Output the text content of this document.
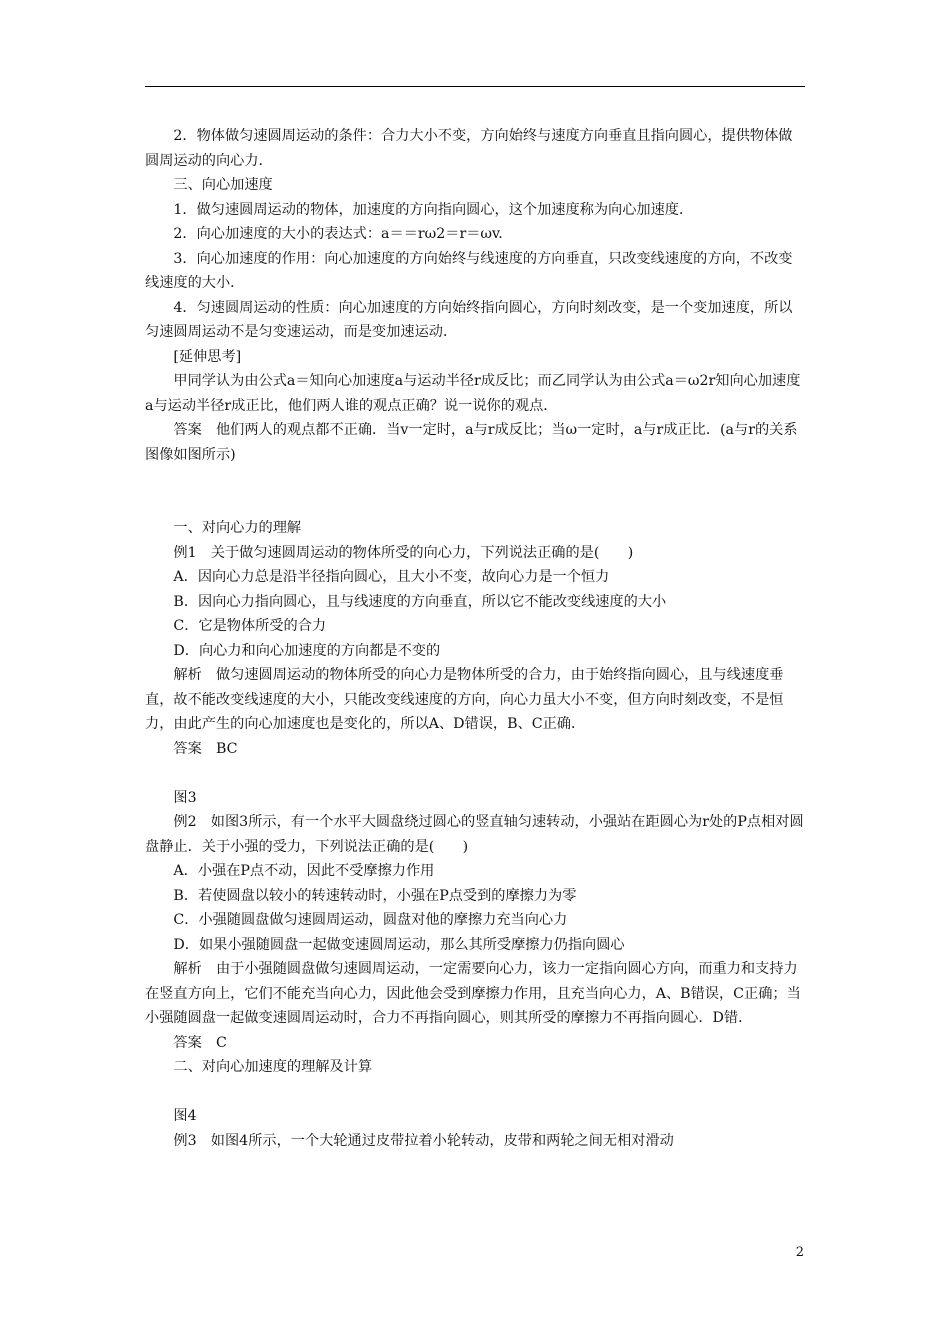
2．物体做匀速圆周运动的条件：合力大小不变，方向始终与速度方向垂直且指向圆心，提供物体做圆周运动的向心力．

三、向心加速度

1．做匀速圆周运动的物体，加速度的方向指向圆心，这个加速度称为向心加速度．

2．向心加速度的大小的表达式：a＝＝rω2＝r＝ωv.

3．向心加速度的作用：向心加速度的方向始终与线速度的方向垂直，只改变线速度的方向，不改变线速度的大小．

4．匀速圆周运动的性质：向心加速度的方向始终指向圆心，方向时刻改变，是一个变加速度，所以匀速圆周运动不是匀变速运动，而是变加速运动．

[延伸思考]

甲同学认为由公式a＝知向心加速度a与运动半径r成反比；而乙同学认为由公式a＝ω2r知向心加速度a与运动半径r成正比，他们两人谁的观点正确？说一说你的观点．

答案　他们两人的观点都不正确．当v一定时，a与r成反比；当ω一定时，a与r成正比．(a与r的关系图像如图所示)

一、对向心力的理解

例1　关于做匀速圆周运动的物体所受的向心力，下列说法正确的是(　　)

A．因向心力总是沿半径指向圆心，且大小不变，故向心力是一个恒力

B．因向心力指向圆心，且与线速度的方向垂直，所以它不能改变线速度的大小

C．它是物体所受的合力

D．向心力和向心加速度的方向都是不变的

解析　做匀速圆周运动的物体所受的向心力是物体所受的合力，由于始终指向圆心，且与线速度垂直，故不能改变线速度的大小，只能改变线速度的方向，向心力虽大小不变，但方向时刻改变，不是恒力，由此产生的向心加速度也是变化的，所以A、D错误，B、C正确．

答案　BC

图3

例2　如图3所示，有一个水平大圆盘绕过圆心的竖直轴匀速转动，小强站在距圆心为r处的P点相对圆盘静止．关于小强的受力，下列说法正确的是(　　)

A．小强在P点不动，因此不受摩擦力作用

B．若使圆盘以较小的转速转动时，小强在P点受到的摩擦力为零

C．小强随圆盘做匀速圆周运动，圆盘对他的摩擦力充当向心力

D．如果小强随圆盘一起做变速圆周运动，那么其所受摩擦力仍指向圆心

解析　由于小强随圆盘做匀速圆周运动，一定需要向心力，该力一定指向圆心方向，而重力和支持力在竖直方向上，它们不能充当向心力，因此他会受到摩擦力作用，且充当向心力，A、B错误，C正确；当小强随圆盘一起做变速圆周运动时，合力不再指向圆心，则其所受的摩擦力不再指向圆心．D错．

答案　C

二、对向心加速度的理解及计算

图4

例3　如图4所示，一个大轮通过皮带拉着小轮转动，皮带和两轮之间无相对滑动

2
